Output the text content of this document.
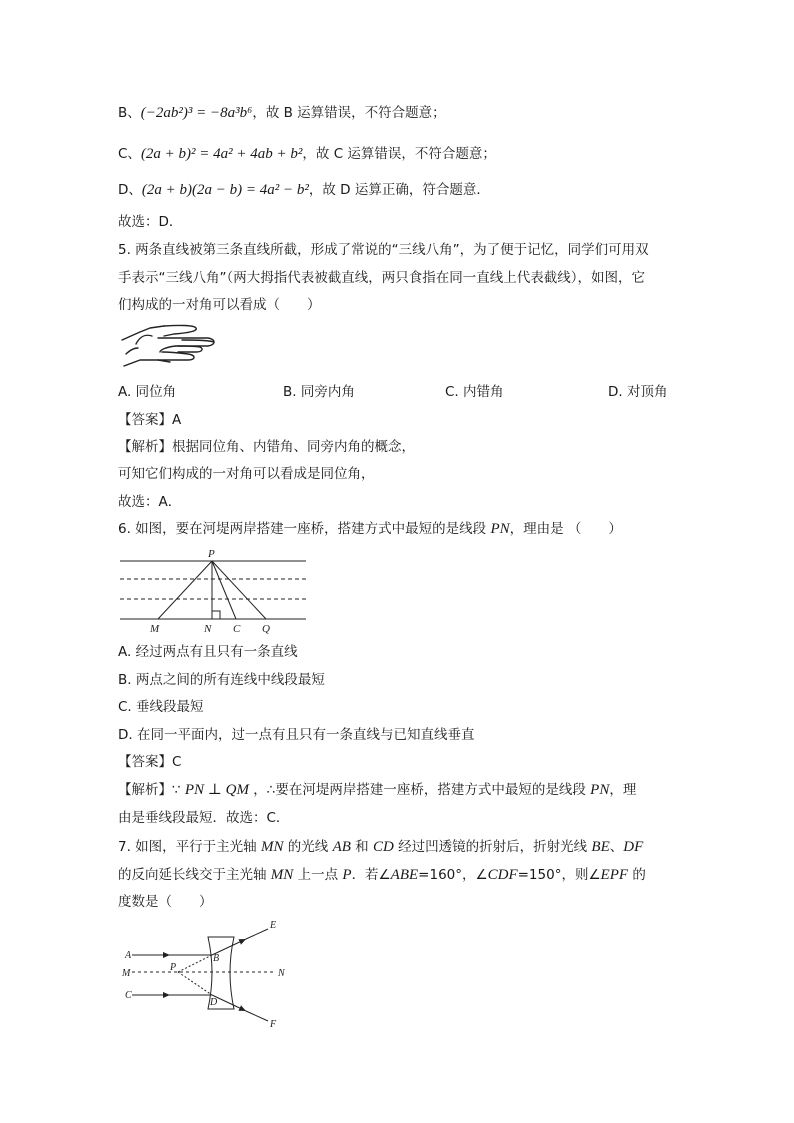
B、(−2ab²)³ = −8a³b⁶，故 B 运算错误，不符合题意；
C、(2a + b)² = 4a² + 4ab + b²，故 C 运算错误，不符合题意；
D、(2a + b)(2a − b) = 4a² − b²，故 D 运算正确，符合题意．
故选：D．
5. 两条直线被第三条直线所截，形成了常说的“三线八角”，为了便于记忆，同学们可用双
手表示“三线八角”（两大拇指代表被截直线，两只食指在同一直线上代表截线），如图，它
们构成的一对角可以看成（　　）
A. 同位角	B. 同旁内角	C. 内错角	D. 对顶角
【答案】A
【解析】根据同位角、内错角、同旁内角的概念，
可知它们构成的一对角可以看成是同位角，
故选：A．
6. 如图，要在河堤两岸搭建一座桥，搭建方式中最短的是线段 PN，理由是 （　　）
P
M	N C Q
A. 经过两点有且只有一条直线
B. 两点之间的所有连线中线段最短
C. 垂线段最短
D. 在同一平面内，过一点有且只有一条直线与已知直线垂直
【答案】C
【解析】∵ PN ⊥ QM ，∴要在河堤两岸搭建一座桥，搭建方式中最短的是线段 PN，理
由是垂线段最短．故选：C．
7. 如图，平行于主光轴 MN 的光线 AB 和 CD 经过凹透镜的折射后，折射光线 BE、DF
的反向延长线交于主光轴 MN 上一点 P．若∠ABE=160°，∠CDF=150°，则∠EPF 的
度数是（　　）
A
M
C
P
B
D
E
F
N
